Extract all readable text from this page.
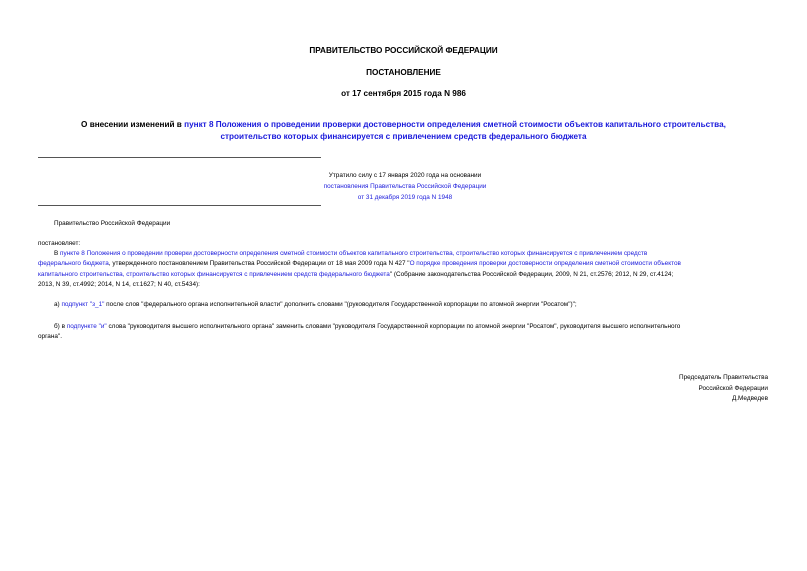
ПРАВИТЕЛЬСТВО РОССИЙСКОЙ ФЕДЕРАЦИИ
ПОСТАНОВЛЕНИЕ
от 17 сентября 2015 года N 986
О внесении изменений в пункт 8 Положения о проведении проверки достоверности определения сметной стоимости объектов капитального строительства,
строительство которых финансируется с привлечением средств федерального бюджета
Утратило силу с 17 января 2020 года на основании
постановления Правительства Российской Федерации
от 31 декабря 2019 года N 1948
Правительство Российской Федерации
постановляет:
В пункте 8 Положения о проведении проверки достоверности определения сметной стоимости объектов капитального строительства, строительство которых финансируется с привлечением средств
федерального бюджета, утвержденного постановлением Правительства Российской Федерации от 18 мая 2009 года N 427 "О порядке проведения проверки достоверности определения сметной стоимости объектов
капитального строительства, строительство которых финансируется с привлечением средств федерального бюджета" (Собрание законодательства Российской Федерации, 2009, N 21, ст.2576; 2012, N 29, ст.4124;
2013, N 39, ст.4992; 2014, N 14, ст.1627; N 40, ст.5434):
а) подпункт "з_1" после слов "федерального органа исполнительной власти" дополнить словами "(руководителя Государственной корпорации по атомной энергии "Росатом")";
б) в подпункте "и" слова "руководителя высшего исполнительного органа" заменить словами "руководителя Государственной корпорации по атомной энергии "Росатом", руководителя высшего исполнительного
органа".
Председатель Правительства
Российской Федерации
Д.Медведев
